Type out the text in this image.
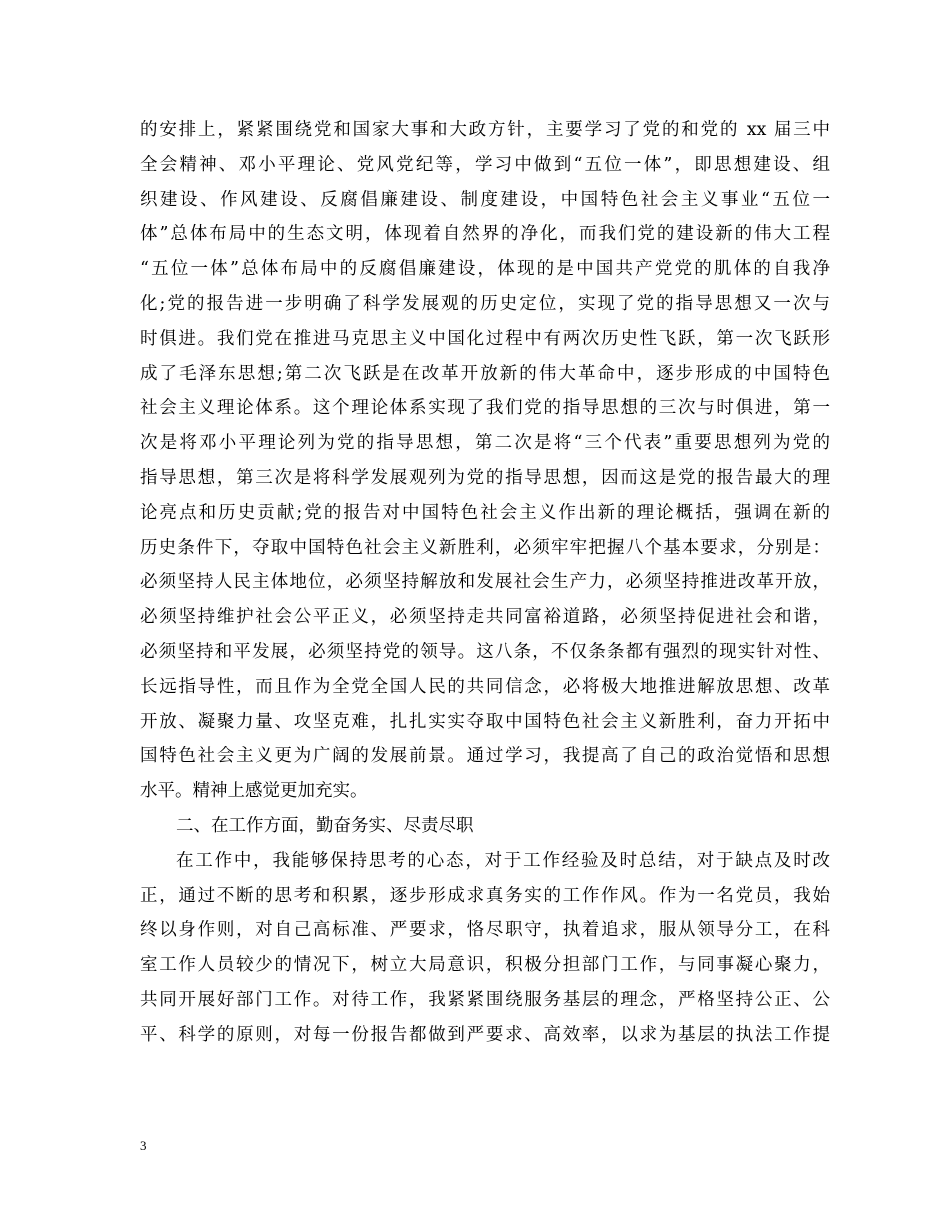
的安排上，紧紧围绕党和国家大事和大政方针，主要学习了党的和党的 xx 届三中
全会精神、邓小平理论、党风党纪等，学习中做到“五位一体”，即思想建设、组
织建设、作风建设、反腐倡廉建设、制度建设，中国特色社会主义事业“五位一
体”总体布局中的生态文明，体现着自然界的净化，而我们党的建设新的伟大工程
“五位一体”总体布局中的反腐倡廉建设，体现的是中国共产党党的肌体的自我净
化;党的报告进一步明确了科学发展观的历史定位，实现了党的指导思想又一次与
时俱进。我们党在推进马克思主义中国化过程中有两次历史性飞跃，第一次飞跃形
成了毛泽东思想;第二次飞跃是在改革开放新的伟大革命中，逐步形成的中国特色
社会主义理论体系。这个理论体系实现了我们党的指导思想的三次与时俱进，第一
次是将邓小平理论列为党的指导思想，第二次是将“三个代表”重要思想列为党的
指导思想，第三次是将科学发展观列为党的指导思想，因而这是党的报告最大的理
论亮点和历史贡献;党的报告对中国特色社会主义作出新的理论概括，强调在新的
历史条件下，夺取中国特色社会主义新胜利，必须牢牢把握八个基本要求，分别是：
必须坚持人民主体地位，必须坚持解放和发展社会生产力，必须坚持推进改革开放，
必须坚持维护社会公平正义，必须坚持走共同富裕道路，必须坚持促进社会和谐，
必须坚持和平发展，必须坚持党的领导。这八条，不仅条条都有强烈的现实针对性、
长远指导性，而且作为全党全国人民的共同信念，必将极大地推进解放思想、改革
开放、凝聚力量、攻坚克难，扎扎实实夺取中国特色社会主义新胜利，奋力开拓中
国特色社会主义更为广阔的发展前景。通过学习，我提高了自己的政治觉悟和思想
水平。精神上感觉更加充实。
二、在工作方面，勤奋务实、尽责尽职
在工作中，我能够保持思考的心态，对于工作经验及时总结，对于缺点及时改
正，通过不断的思考和积累，逐步形成求真务实的工作作风。作为一名党员，我始
终以身作则，对自己高标准、严要求，恪尽职守，执着追求，服从领导分工，在科
室工作人员较少的情况下，树立大局意识，积极分担部门工作，与同事凝心聚力，
共同开展好部门工作。对待工作，我紧紧围绕服务基层的理念，严格坚持公正、公
平、科学的原则，对每一份报告都做到严要求、高效率，以求为基层的执法工作提
3
